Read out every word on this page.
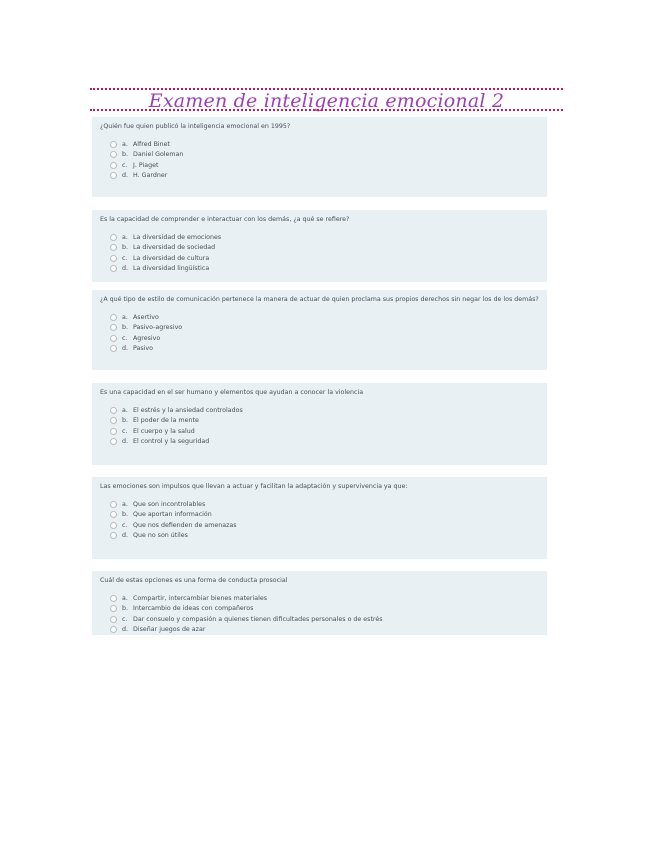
Examen de inteligencia emocional 2
¿Quién fue quien publicó la inteligencia emocional en 1995?
a. Alfred Binet
b. Daniel Goleman
c. J. Piaget
d. H. Gardner
Es la capacidad de comprender e interactuar con los demás, ¿a qué se refiere?
a. La diversidad de emociones
b. La diversidad de sociedad
c. La diversidad de cultura
d. La diversidad lingüística
¿A qué tipo de estilo de comunicación pertenece la manera de actuar de quien proclama sus propios derechos sin negar los de los demás?
a. Asertivo
b. Pasivo-agresivo
c. Agresivo
d. Pasivo
Es una capacidad en el ser humano y elementos que ayudan a conocer la violencia
a. El estrés y la ansiedad controlados
b. El poder de la mente
c. El cuerpo y la salud
d. El control y la seguridad
Las emociones son impulsos que llevan a actuar y facilitan la adaptación y supervivencia ya que:
a. Que son incontrolables
b. Que aportan información
c. Que nos defienden de amenazas
d. Que no son útiles
Cuál de estas opciones es una forma de conducta prosocial
a. Compartir, intercambiar bienes materiales
b. Intercambio de ideas con compañeros
c. Dar consuelo y compasión a quienes tienen dificultades personales o de estrés
d. Diseñar juegos de azar
